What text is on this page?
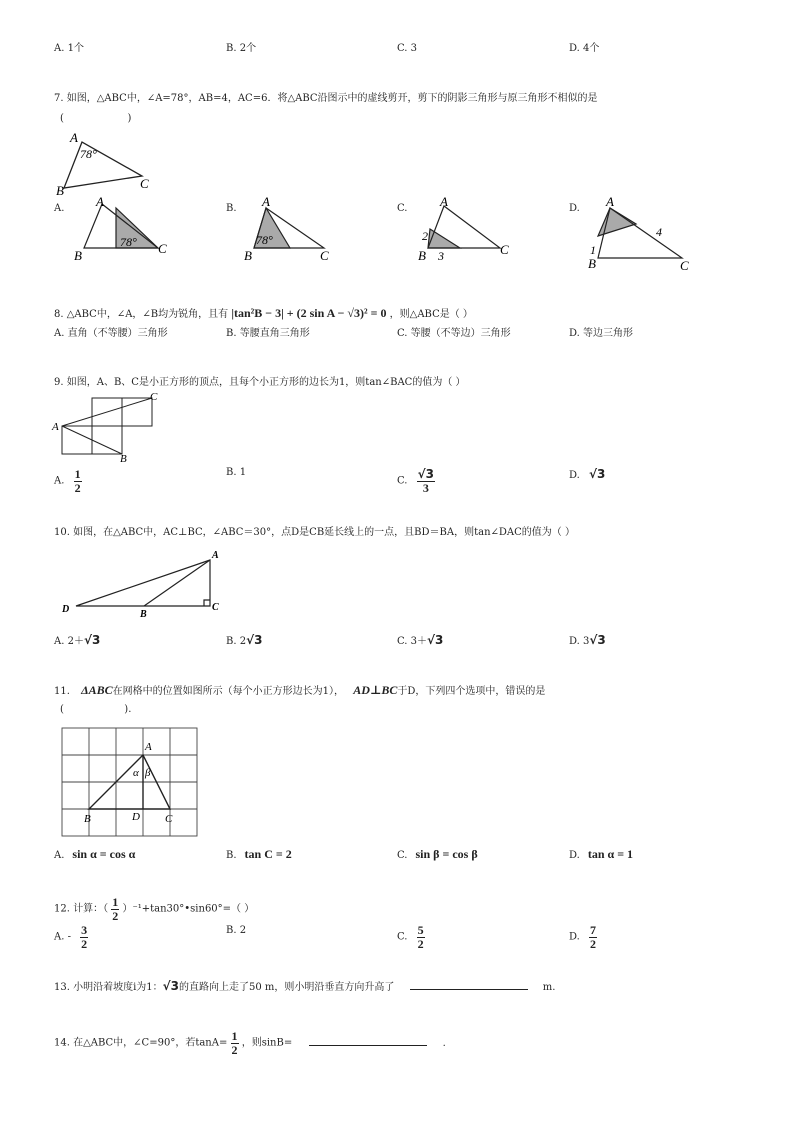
A. 1个	B. 2个	C. 3	D. 4个
7. 如图，△ABC中，∠A=78°，AB=4，AC=6．将△ABC沿图示中的虚线剪开，剪下的阴影三角形与原三角形不相似的是
(                    )
A
78°
B	C
A.
78°
A
B	C
B.
78°
A
B	C
C.	A
2
3
B	C
D. A
1
4
B	C
8. △ABC中，∠A，∠B均为锐角，且有 |tan²B − 3| + (2 sin A − √3)² = 0 ，则△ABC是（ ）
A. 直角（不等腰）三角形	B. 等腰直角三角形	C. 等腰（不等边）三角形	D. 等边三角形
9. 如图，A、B、C是小正方形的顶点，且每个小正方形的边长为1，则tan∠BAC的值为（ ）
A
C
B
A. $\frac{1}{2}$	B. 1
C. $\frac{√3}{3}$	D. √3
10. 如图，在△ABC中，AC⊥BC，∠ABC＝30°，点D是CB延长线上的一点，且BD＝BA，则tan∠DAC的值为（ ）
A
D	B
C
A. 2＋√3	B. 2√3	C. 3＋√3	D. 3√3
11. ΔABC在网格中的位置如图所示（每个小正方形边长为1）， AD⊥BC于D，下列四个选项中，错误的是
(                   ).
A
α β
B	D C
A. sin α = cos α	B. tan C = 2	C. sin β = cos β	D. tan α = 1
12. 计算：（ $\frac{1}{2}$ ）⁻¹+tan30°•sin60°=（ ）
A. - $\frac{3}{2}$	B. 2
C. $\frac{5}{2}$	D. $\frac{7}{2}$
13. 小明沿着坡度i为1：√3的直路向上走了50 m，则小明沿垂直方向升高了	m.
14. 在△ABC中，∠C=90°，若$\tan A= \frac{1}{2}$ ，则sinB=	.
